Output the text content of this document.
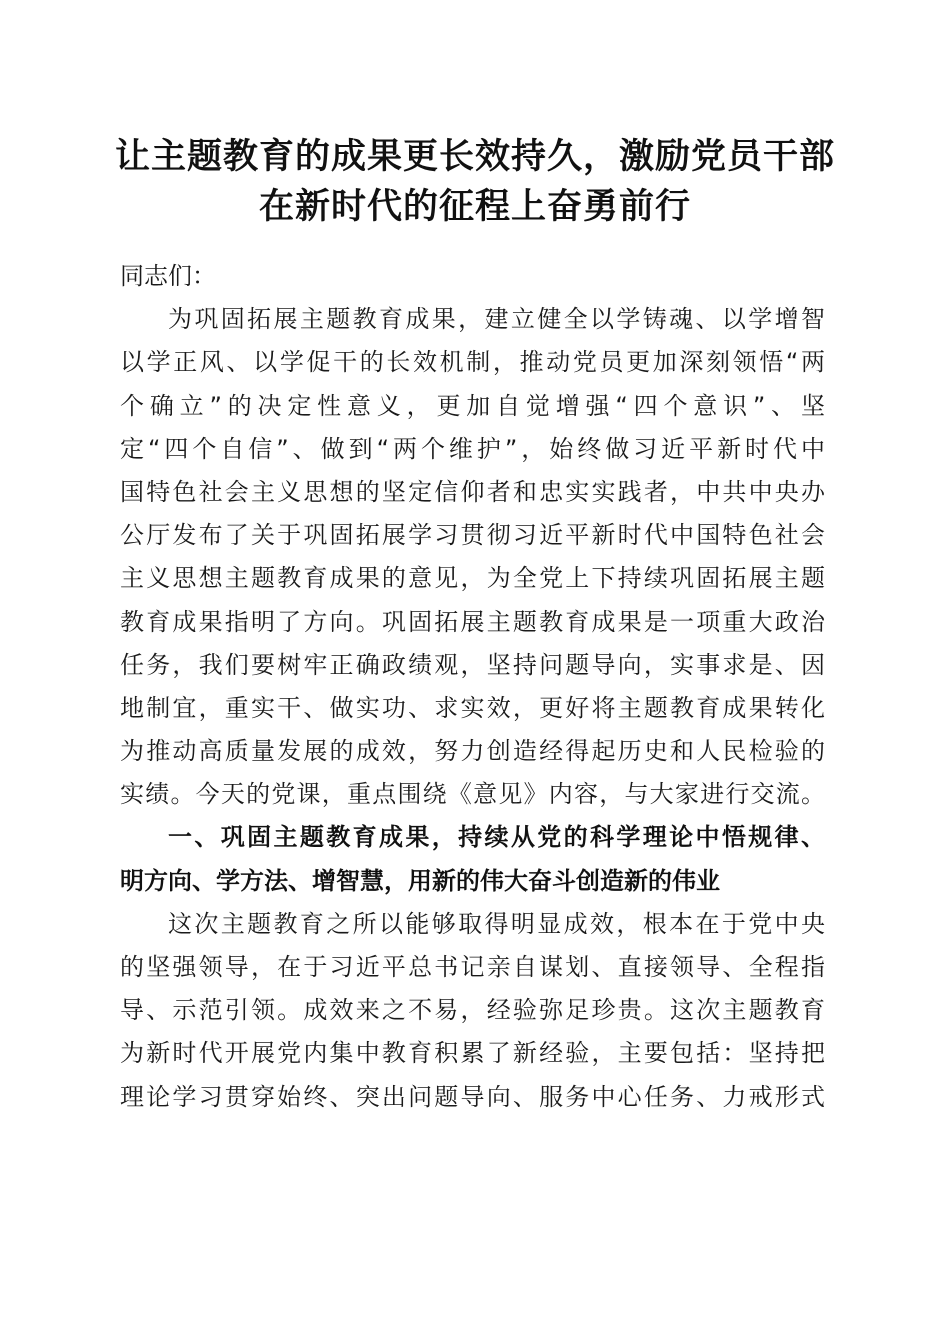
让主题教育的成果更长效持久，激励党员干部
在新时代的征程上奋勇前行
同志们：
为巩固拓展主题教育成果，建立健全以学铸魂、以学增智
以学正风、以学促干的长效机制，推动党员更加深刻领悟“两
个确立”的决定性意义，更加自觉增强“四个意识”、坚
定“四个自信”、做到“两个维护”，始终做习近平新时代中
国特色社会主义思想的坚定信仰者和忠实实践者，中共中央办
公厅发布了关于巩固拓展学习贯彻习近平新时代中国特色社会
主义思想主题教育成果的意见，为全党上下持续巩固拓展主题
教育成果指明了方向。巩固拓展主题教育成果是一项重大政治
任务，我们要树牢正确政绩观，坚持问题导向，实事求是、因
地制宜，重实干、做实功、求实效，更好将主题教育成果转化
为推动高质量发展的成效，努力创造经得起历史和人民检验的
实绩。今天的党课，重点围绕《意见》内容，与大家进行交流。
一、巩固主题教育成果，持续从党的科学理论中悟规律、
明方向、学方法、增智慧，用新的伟大奋斗创造新的伟业
这次主题教育之所以能够取得明显成效，根本在于党中央
的坚强领导，在于习近平总书记亲自谋划、直接领导、全程指
导、示范引领。成效来之不易，经验弥足珍贵。这次主题教育
为新时代开展党内集中教育积累了新经验，主要包括：坚持把
理论学习贯穿始终、突出问题导向、服务中心任务、力戒形式
